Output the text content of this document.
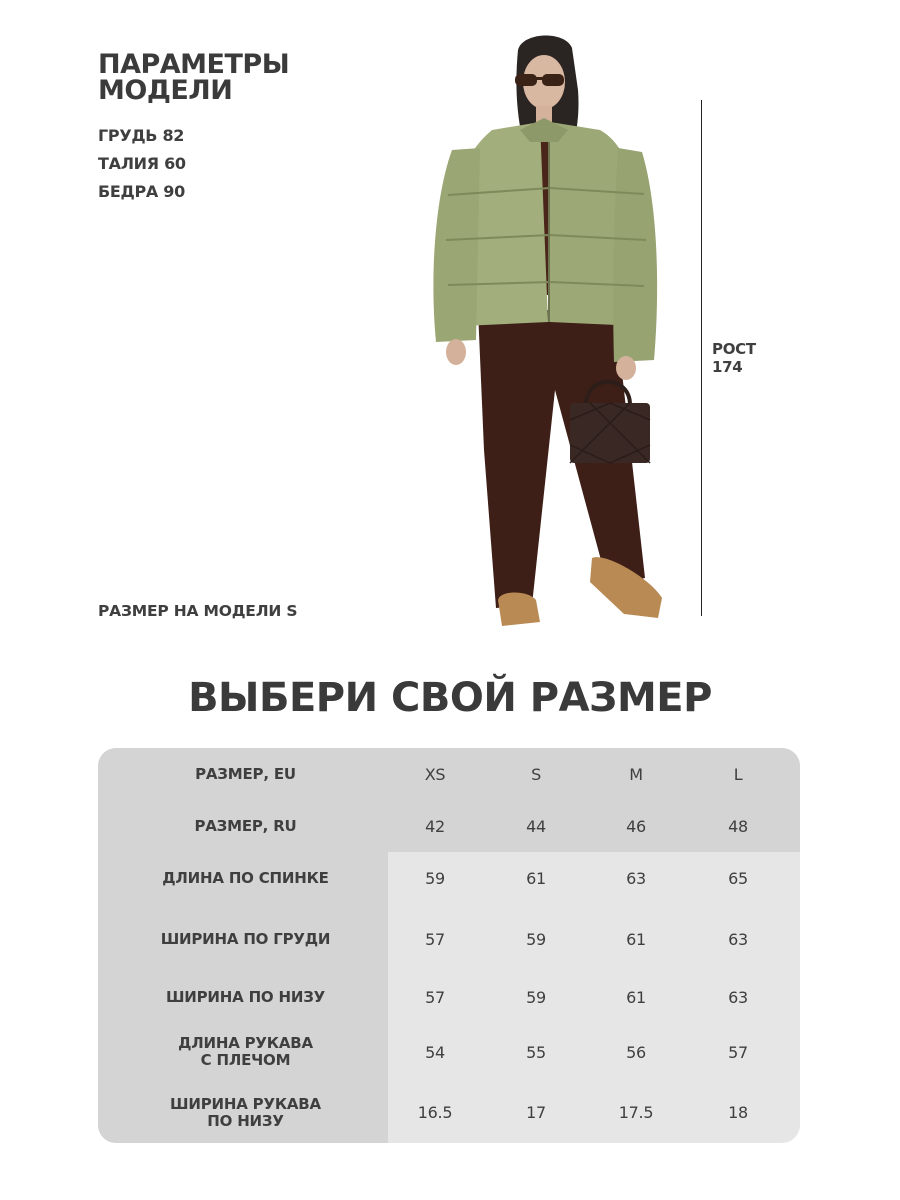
ПАРАМЕТРЫ
МОДЕЛИ
ГРУДЬ 82
ТАЛИЯ 60
БЕДРА 90
РАЗМЕР НА МОДЕЛИ S
РОСТ
174
ВЫБЕРИ СВОЙ РАЗМЕР
РАЗМЕР, EU	XS	S	M	L
РАЗМЕР, RU	42	44	46	48
ДЛИНА ПО СПИНКЕ	59	61	63	65
ШИРИНА ПО ГРУДИ	57	59	61	63
ШИРИНА ПО НИЗУ	57	59	61	63
ДЛИНА РУКАВА
С ПЛЕЧОМ	54	55	56	57
ШИРИНА РУКАВА
ПО НИЗУ	16.5	17	17.5	18
